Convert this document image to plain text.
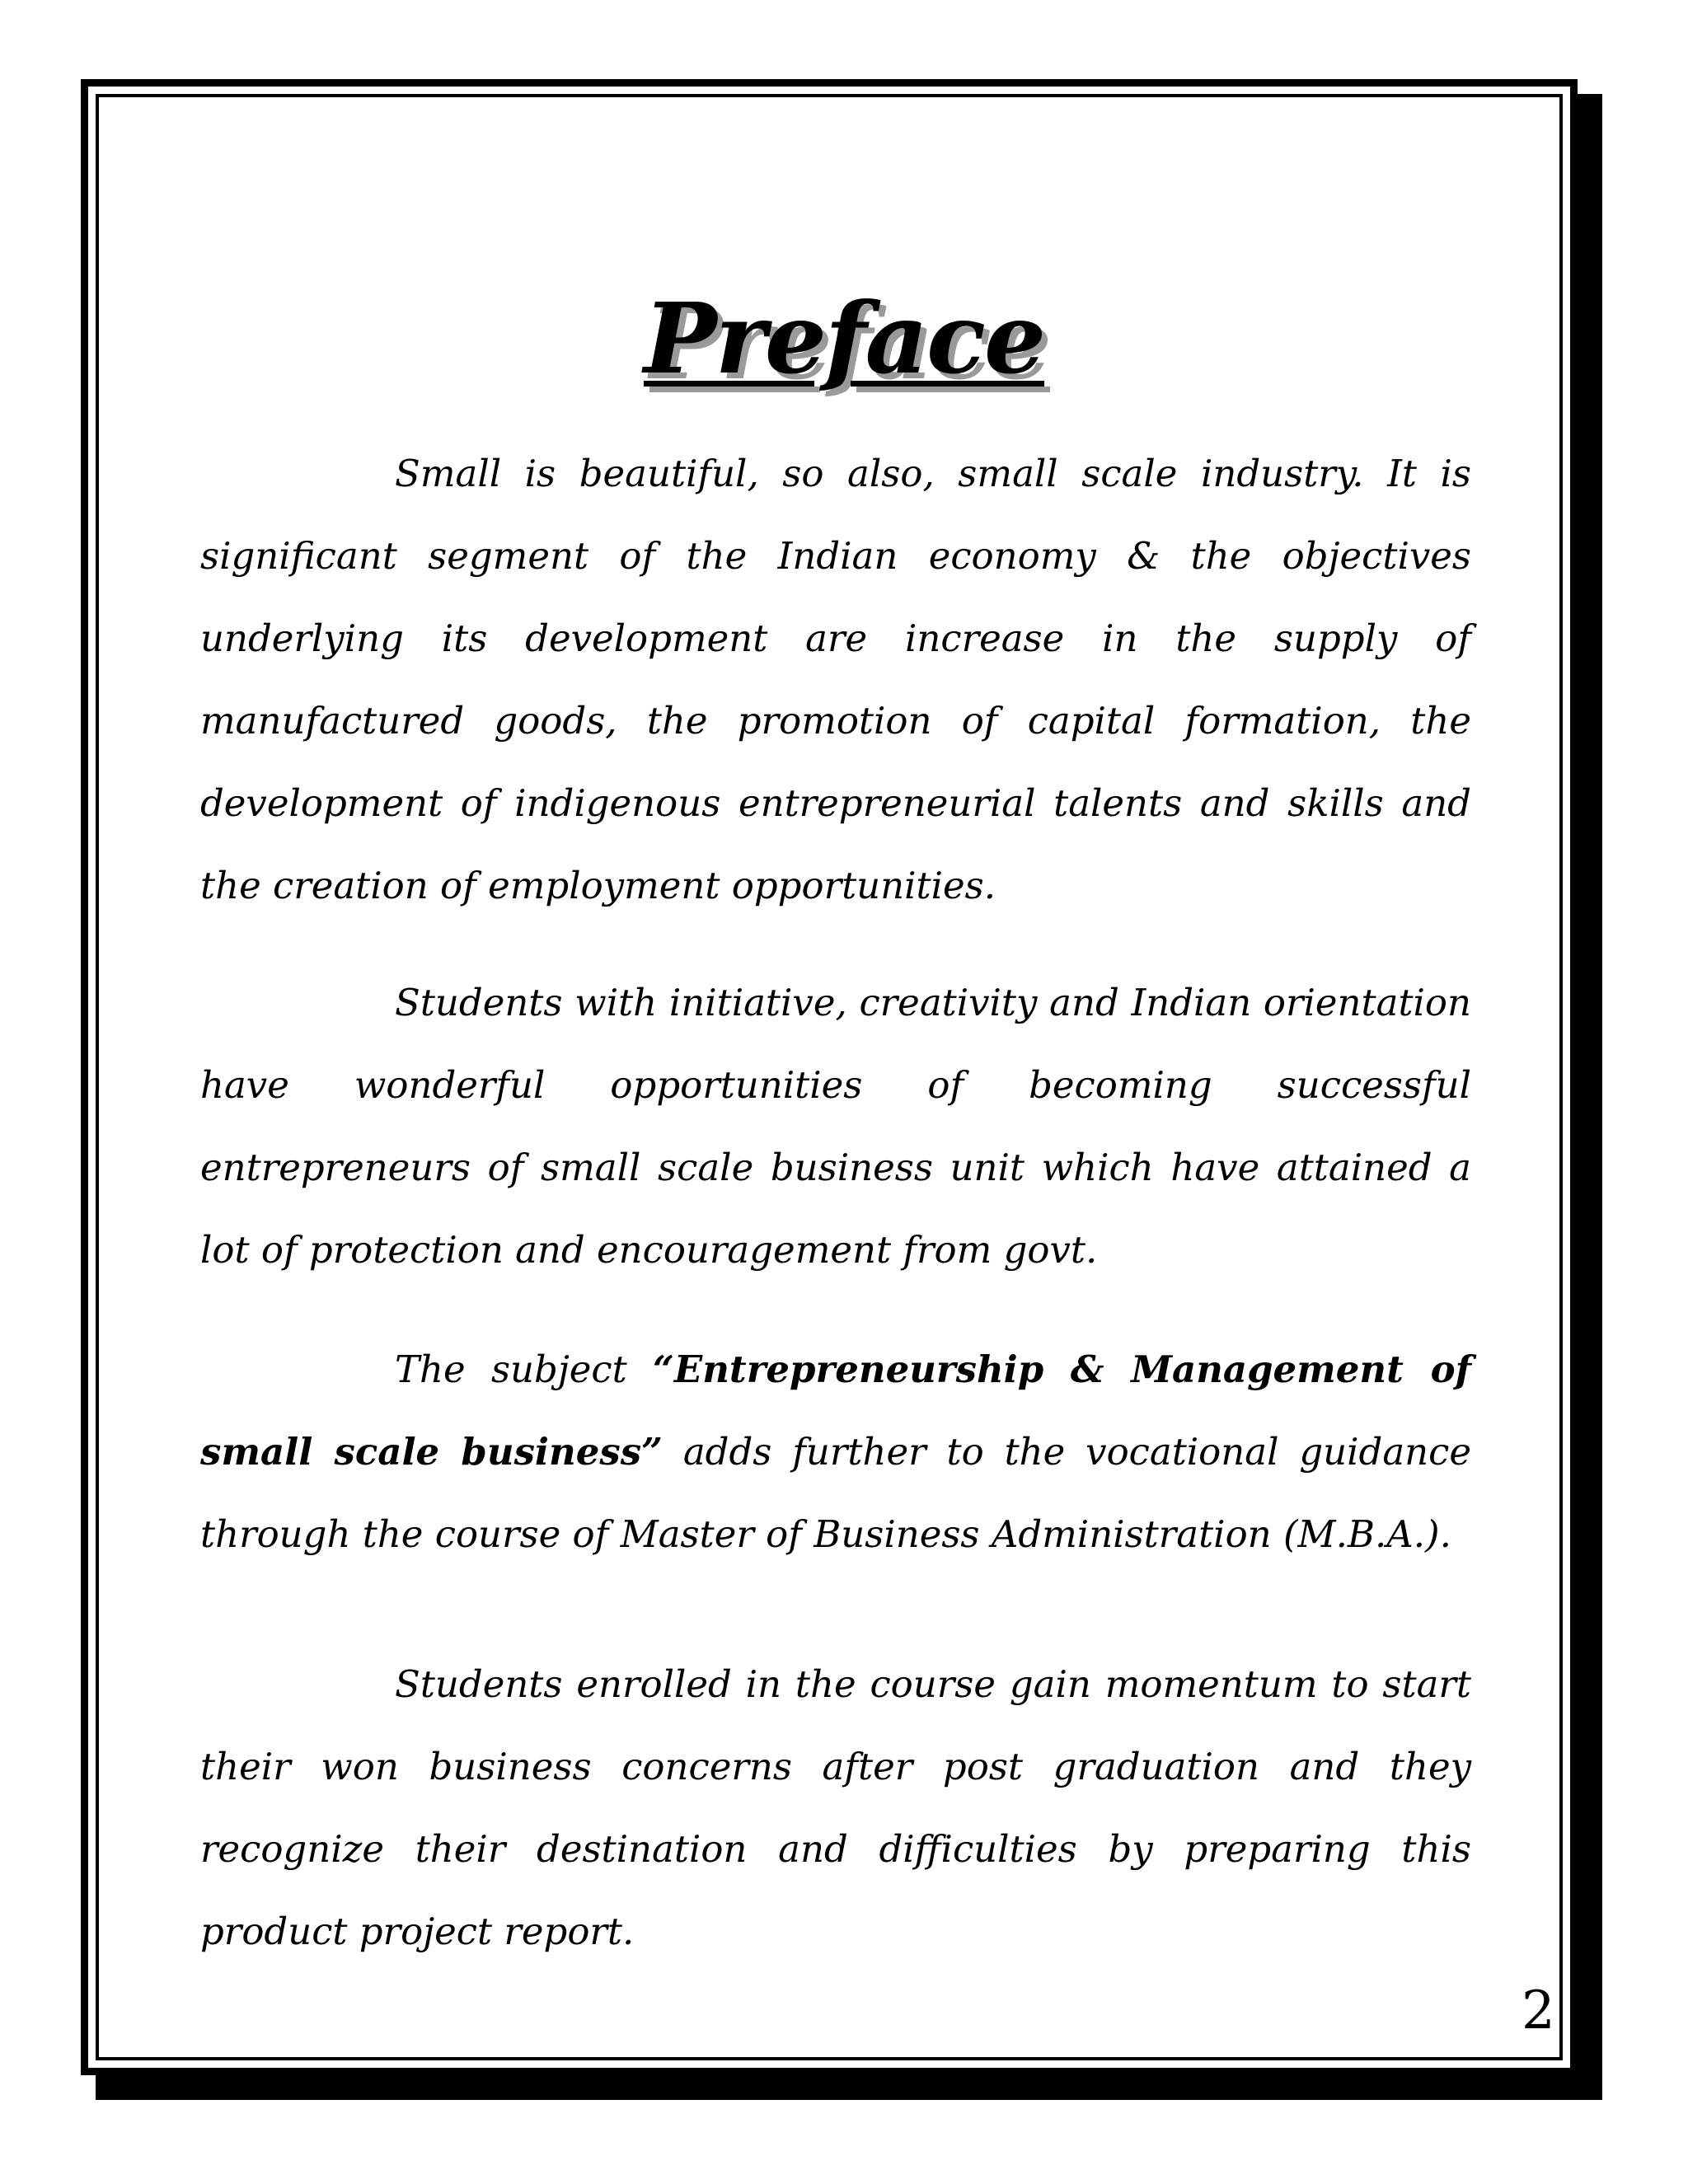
Preface

Small is beautiful, so also, small scale industry. It is significant segment of the Indian economy & the objectives underlying its development are increase in the supply of manufactured goods, the promotion of capital formation, the development of indigenous entrepreneurial talents and skills and the creation of employment opportunities.

Students with initiative, creativity and Indian orientation have wonderful opportunities of becoming successful entrepreneurs of small scale business unit which have attained a lot of protection and encouragement from govt.

The subject “Entrepreneurship & Management of small scale business” adds further to the vocational guidance through the course of Master of Business Administration (M.B.A.).

Students enrolled in the course gain momentum to start their won business concerns after post graduation and they recognize their destination and difficulties by preparing this product project report.

2
